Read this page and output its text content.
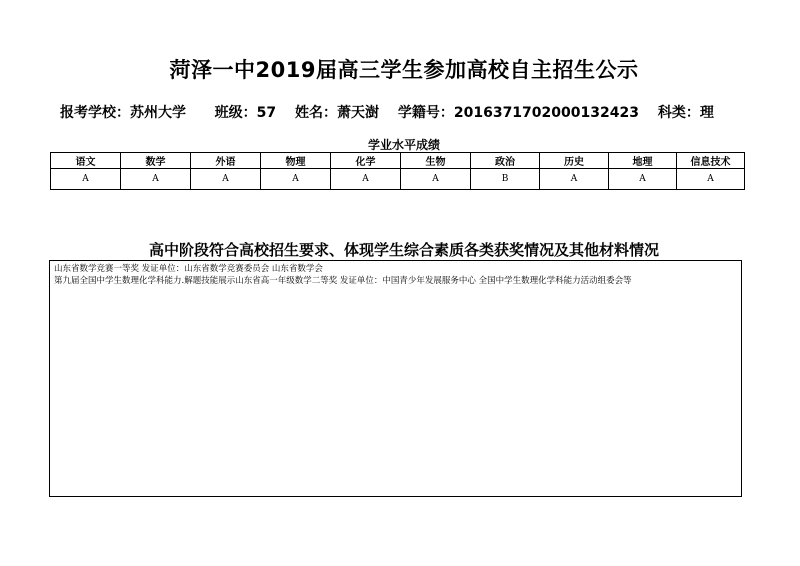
菏泽一中2019届高三学生参加高校自主招生公示
报考学校：苏州大学 班级：57 姓名：萧天澍 学籍号：2016371702000132423 科类：理
学业水平成绩
语文	数学	外语	物理	化学	生物	政治	历史	地理	信息技术
A	A	A	A	A	A	B	A	A	A
高中阶段符合高校招生要求、体现学生综合素质各类获奖情况及其他材料情况
山东省数学竞赛一等奖 发证单位：山东省数学竞赛委员会 山东省数学会
第九届全国中学生数理化学科能力.解题技能展示山东省高一年级数学二等奖 发证单位：中国青少年发展服务中心 全国中学生数理化学科能力活动组委会等
